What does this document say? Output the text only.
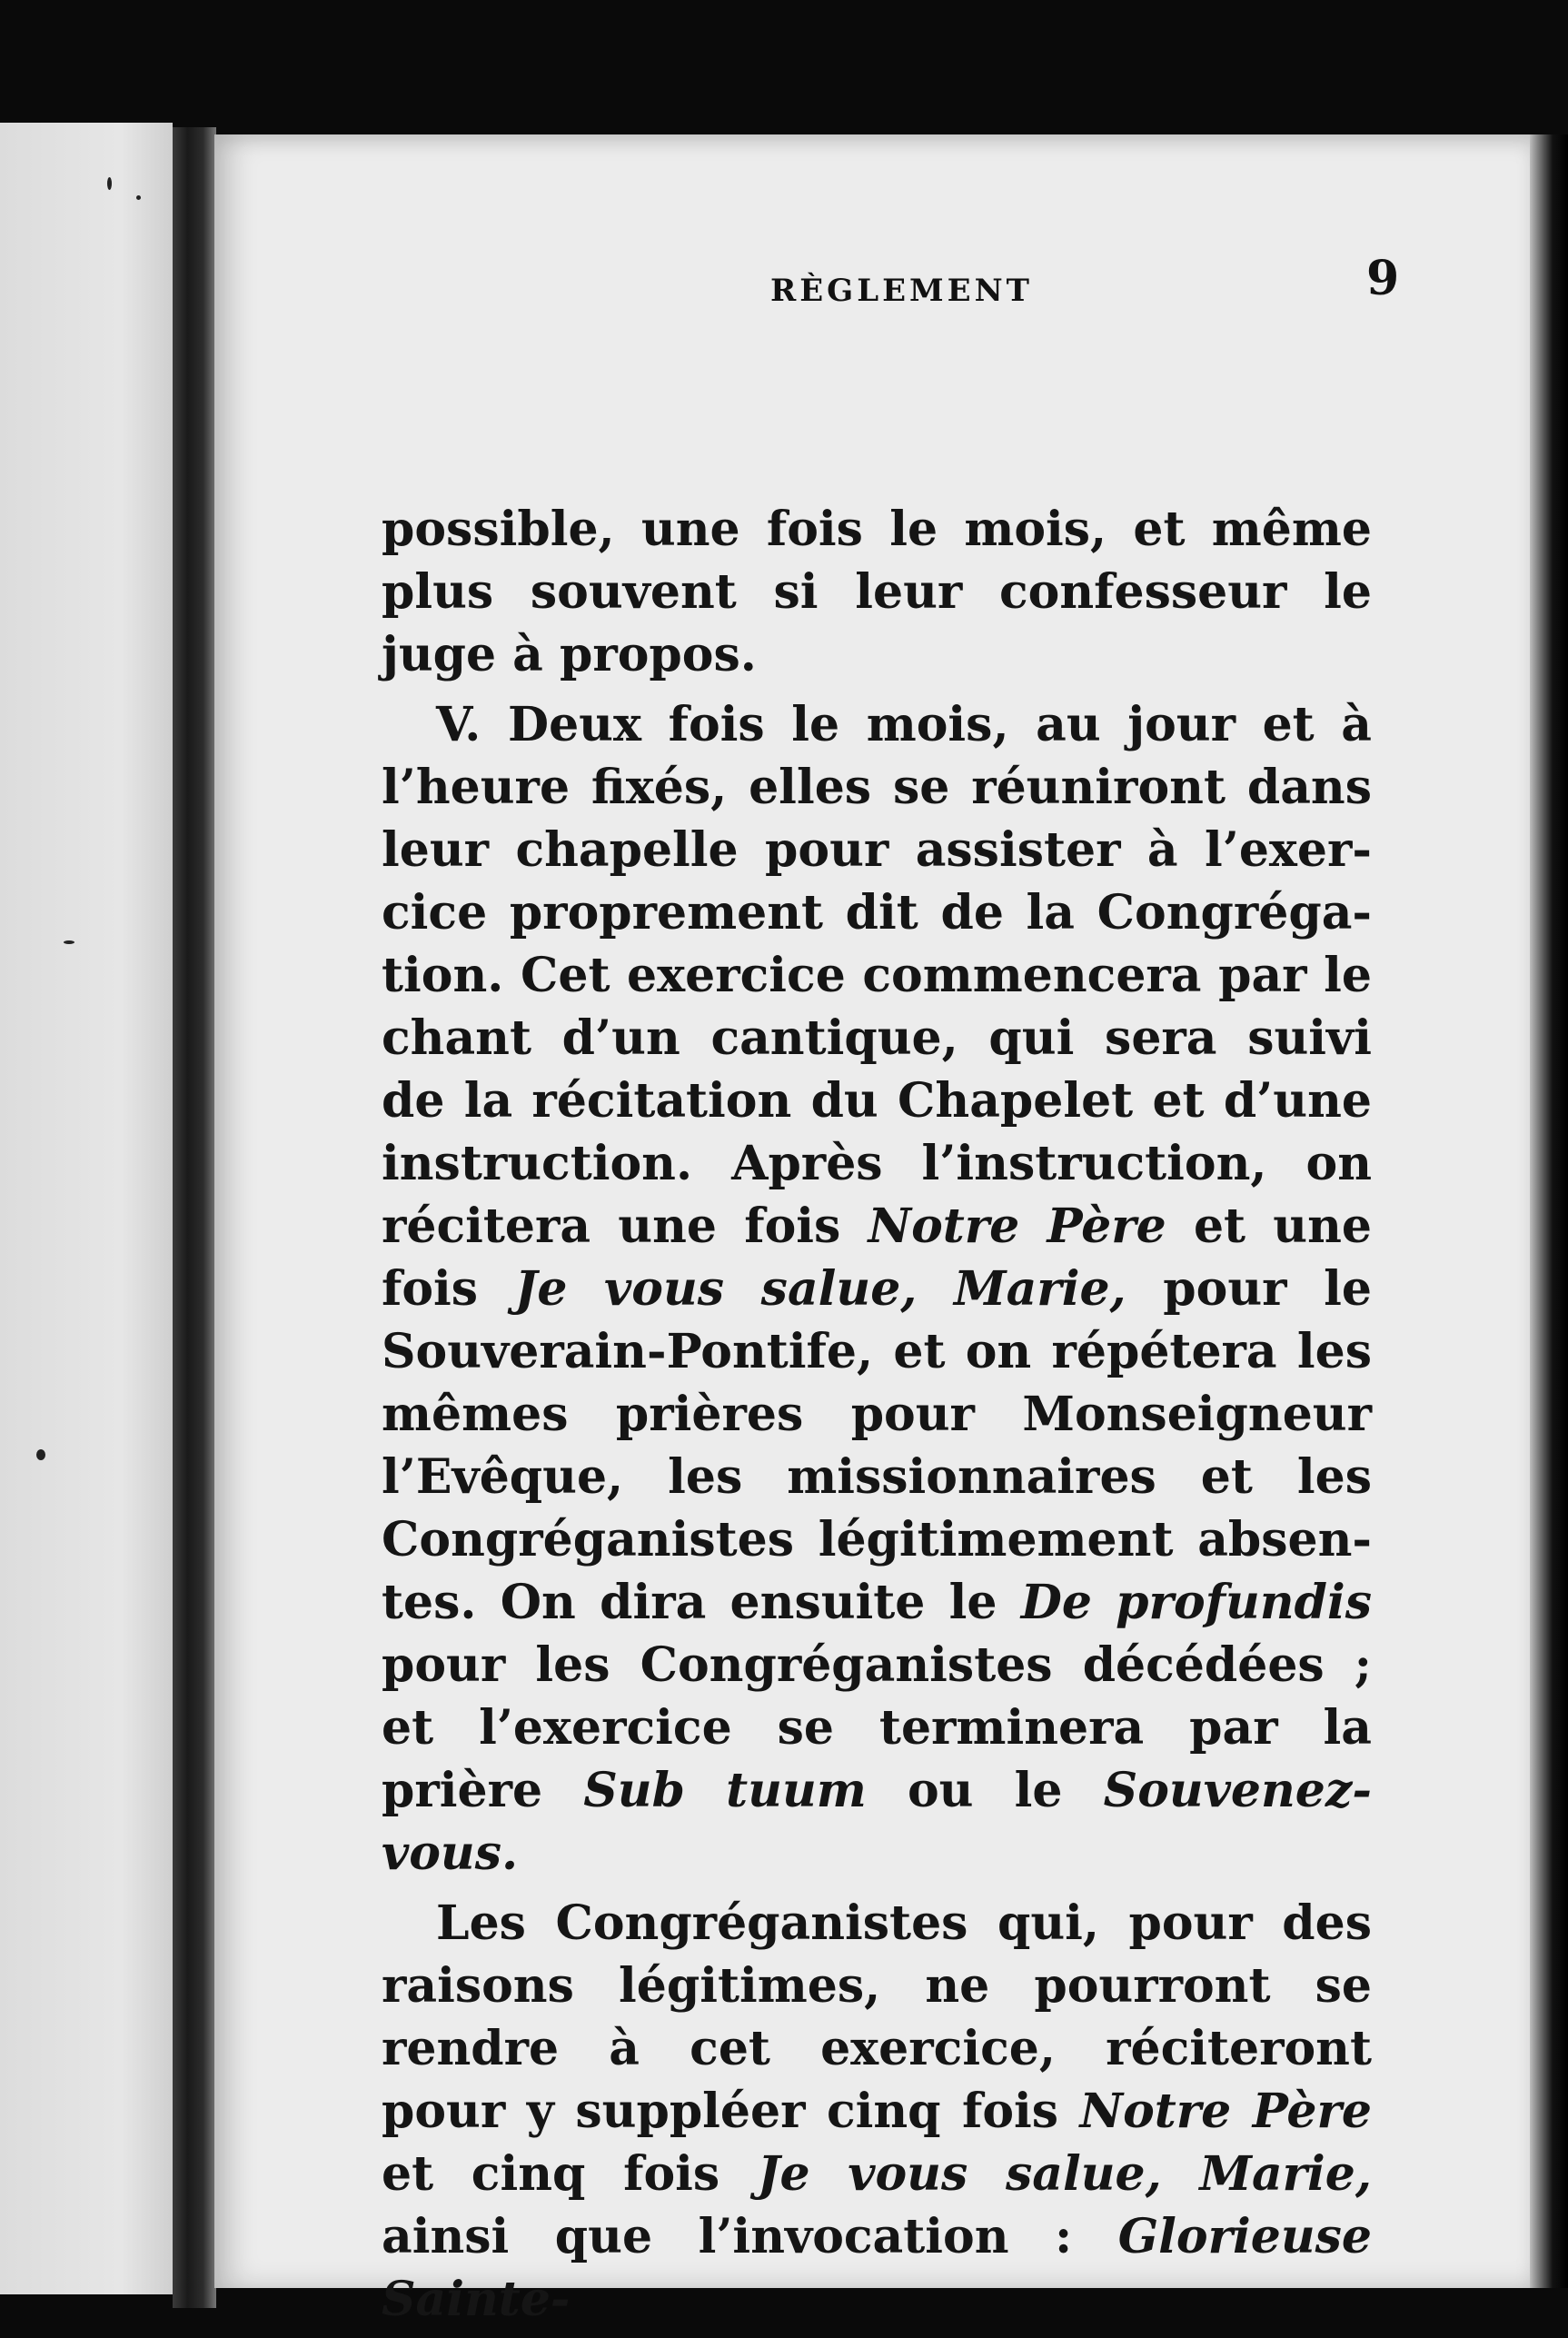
RÈGLEMENT	9

possible, une fois le mois, et même plus souvent si leur confesseur le juge à propos.

V. Deux fois le mois, au jour et à l’heure fixés, elles se réuniront dans leur chapelle pour assister à l’exer-cice proprement dit de la Congréga-tion. Cet exercice commencera par le chant d’un cantique, qui sera suivi de la récitation du Chapelet et d’une instruction. Après l’instruction, on récitera une fois Notre Père et une fois Je vous salue, Marie, pour le Souverain-Pontife, et on répétera les mêmes prières pour Monseigneur l’Evêque, les missionnaires et les Congréganistes légitimement absen-tes. On dira ensuite le De profundis pour les Congréganistes décédées ; et l’exercice se terminera par la prière Sub tuum ou le Souvenez-vous.

Les Congréganistes qui, pour des raisons légitimes, ne pourront se rendre à cet exercice, réciteront pour y suppléer cinq fois Notre Père et cinq fois Je vous salue, Marie, ainsi que l’invocation : Glorieuse Sainte-
